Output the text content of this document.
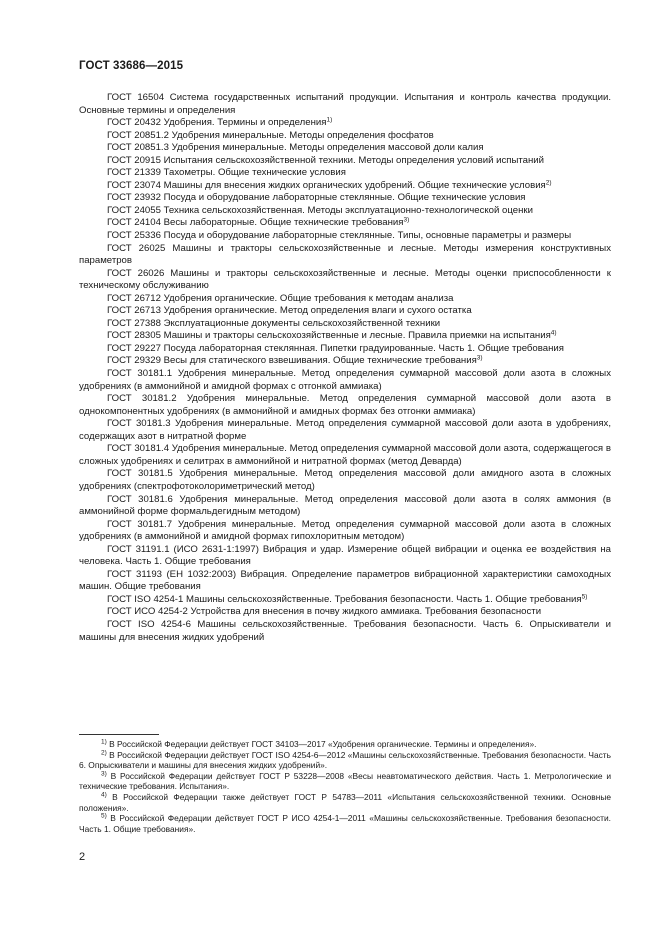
ГОСТ 33686—2015

ГОСТ 16504 Система государственных испытаний продукции. Испытания и контроль качества продукции. Основные термины и определения

ГОСТ 20432 Удобрения. Термины и определения$^{1)}$

ГОСТ 20851.2 Удобрения минеральные. Методы определения фосфатов

ГОСТ 20851.3 Удобрения минеральные. Методы определения массовой доли калия

ГОСТ 20915 Испытания сельскохозяйственной техники. Методы определения условий испытаний

ГОСТ 21339 Тахометры. Общие технические условия

ГОСТ 23074 Машины для внесения жидких органических удобрений. Общие технические условия$^{2)}$

ГОСТ 23932 Посуда и оборудование лабораторные стеклянные. Общие технические условия

ГОСТ 24055 Техника сельскохозяйственная. Методы эксплуатационно-технологической оценки

ГОСТ 24104 Весы лабораторные. Общие технические требования$^{3)}$

ГОСТ 25336 Посуда и оборудование лабораторные стеклянные. Типы, основные параметры и размеры

ГОСТ 26025 Машины и тракторы сельскохозяйственные и лесные. Методы измерения конструктивных параметров

ГОСТ 26026 Машины и тракторы сельскохозяйственные и лесные. Методы оценки приспособленности к техническому обслуживанию

ГОСТ 26712 Удобрения органические. Общие требования к методам анализа

ГОСТ 26713 Удобрения органические. Метод определения влаги и сухого остатка

ГОСТ 27388 Эксплуатационные документы сельскохозяйственной техники

ГОСТ 28305 Машины и тракторы сельскохозяйственные и лесные. Правила приемки на испытания$^{4)}$

ГОСТ 29227 Посуда лабораторная стеклянная. Пипетки градуированные. Часть 1. Общие требования

ГОСТ 29329 Весы для статического взвешивания. Общие технические требования$^{3)}$

ГОСТ 30181.1 Удобрения минеральные. Метод определения суммарной массовой доли азота в сложных удобрениях (в аммонийной и амидной формах с отгонкой аммиака)

ГОСТ 30181.2 Удобрения минеральные. Метод определения суммарной массовой доли азота в однокомпонентных удобрениях (в аммонийной и амидных формах без отгонки аммиака)

ГОСТ 30181.3 Удобрения минеральные. Метод определения суммарной массовой доли азота в удобрениях, содержащих азот в нитратной форме

ГОСТ 30181.4 Удобрения минеральные. Метод определения суммарной массовой доли азота, содержащегося в сложных удобрениях и селитрах в аммонийной и нитратной формах (метод Деварда)

ГОСТ 30181.5 Удобрения минеральные. Метод определения массовой доли амидного азота в сложных удобрениях (спектрофотоколориметрический метод)

ГОСТ 30181.6 Удобрения минеральные. Метод определения массовой доли азота в солях аммония (в аммонийной форме формальдегидным методом)

ГОСТ 30181.7 Удобрения минеральные. Метод определения суммарной массовой доли азота в сложных удобрениях (в аммонийной и амидной формах гипохлоритным методом)

ГОСТ 31191.1 (ИСО 2631-1:1997) Вибрация и удар. Измерение общей вибрации и оценка ее воздействия на человека. Часть 1. Общие требования

ГОСТ 31193 (ЕН 1032:2003) Вибрация. Определение параметров вибрационной характеристики самоходных машин. Общие требования

ГОСТ ISO 4254-1 Машины сельскохозяйственные. Требования безопасности. Часть 1. Общие требования$^{5)}$

ГОСТ ИСО 4254-2 Устройства для внесения в почву жидкого аммиака. Требования безопасности

ГОСТ ISO 4254-6 Машины сельскохозяйственные. Требования безопасности. Часть 6. Опрыскиватели и машины для внесения жидких удобрений

$^{1)}$ В Российской Федерации действует ГОСТ 34103—2017 «Удобрения органические. Термины и определения».

$^{2)}$ В Российской Федерации действует ГОСТ ISO 4254-6—2012 «Машины сельскохозяйственные. Требования безопасности. Часть 6. Опрыскиватели и машины для внесения жидких удобрений».

$^{3)}$ В Российской Федерации действует ГОСТ Р 53228—2008 «Весы неавтоматического действия. Часть 1. Метрологические и технические требования. Испытания».

$^{4)}$ В Российской Федерации также действует ГОСТ Р 54783—2011 «Испытания сельскохозяйственной техники. Основные положения».

$^{5)}$ В Российской Федерации действует ГОСТ Р ИСО 4254-1—2011 «Машины сельскохозяйственные. Требования безопасности. Часть 1. Общие требования».

2
